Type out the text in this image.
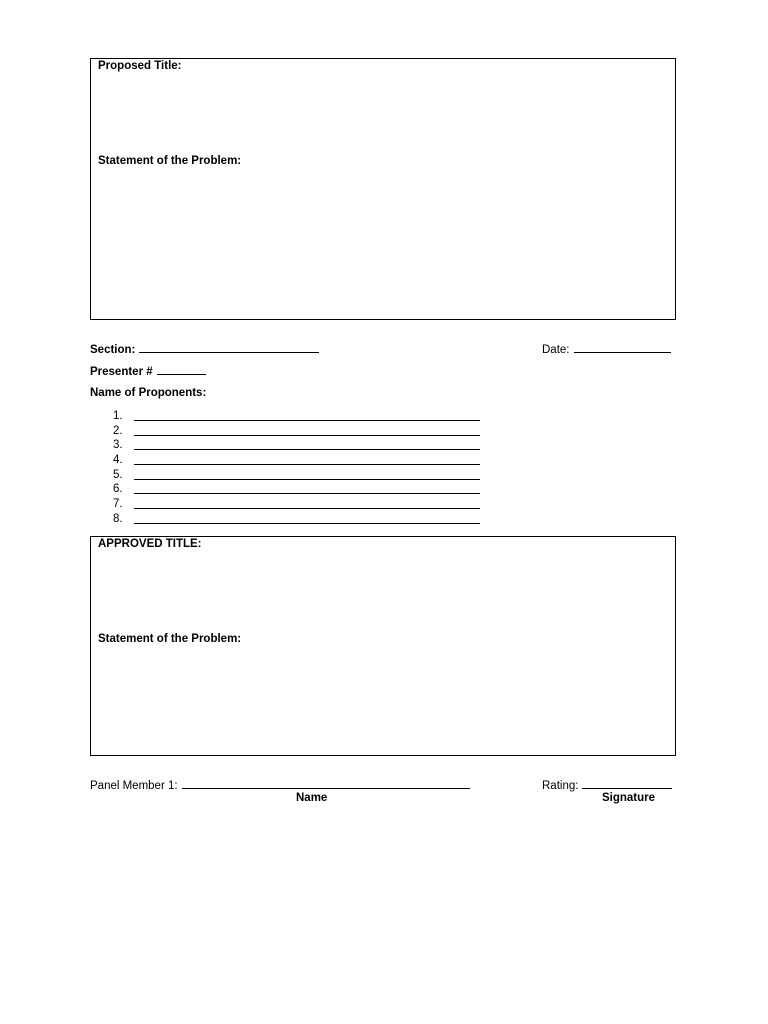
Proposed Title:
Statement of the Problem:
Section:	Date:
Presenter #
Name of Proponents:
1.
2.
3.
4.
5.
6.
7.
8.
APPROVED TITLE:
Statement of the Problem:
Panel Member 1:	Rating:
Name	Signature
